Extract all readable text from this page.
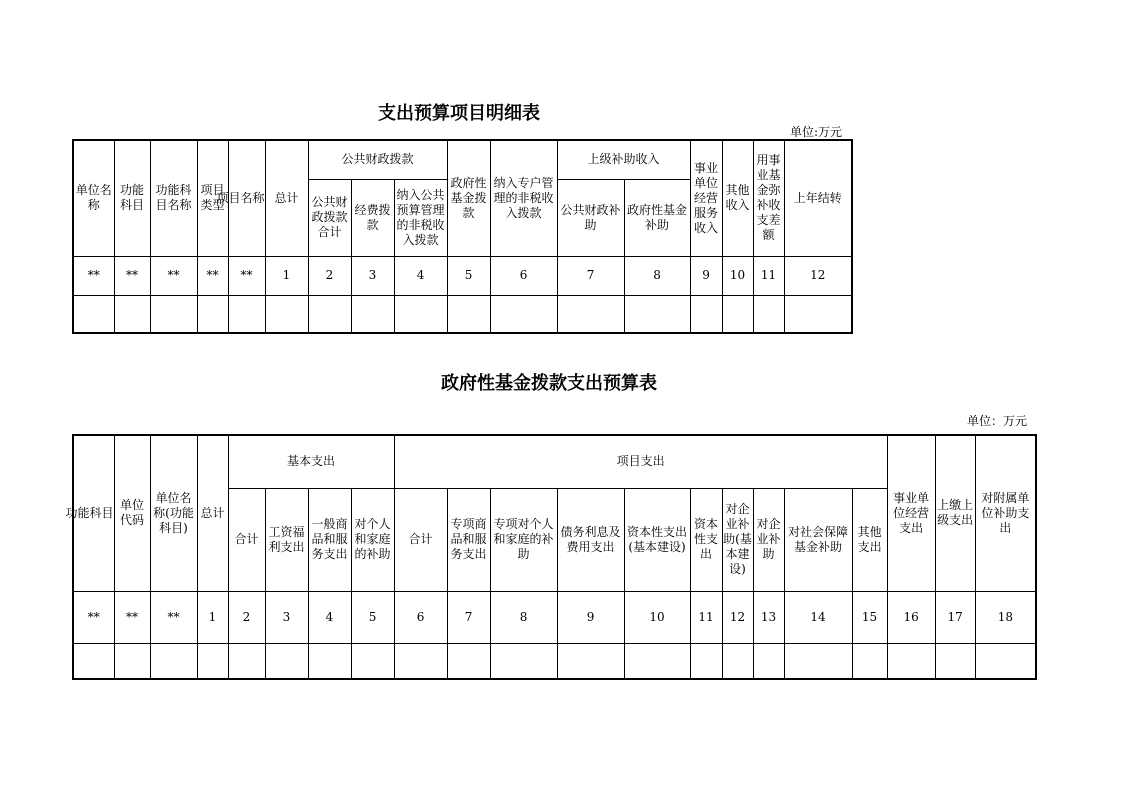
支出预算项目明细表
单位:万元
单位名称	功能科目	功能科目名称	项目类型	项目名称	总计	公共财政拨款			政府性基金拨款	纳入专户管理的非税收入拨款	上级补助收入		事业单位经营服务收入	其他收入	用事业基金弥补收支差额	上年结转
						公共财政拨款合计	经费拨款	纳入公共预算管理的非税收入拨款			公共财政补助	政府性基金补助				
**	**	**	**	**	1	2	3	4	5	6	7	8	9	10	11	12

政府性基金拨款支出预算表
单位：万元
功能科目	单位代码	单位名称(功能科目)	总计	基本支出				项目支出										事业单位经营支出	上缴上级支出	对附属单位补助支出
				合计	工资福利支出	一般商品和服务支出	对个人和家庭的补助	合计	专项商品和服务支出	专项对个人和家庭的补助	债务利息及费用支出	资本性支出(基本建设)	资本性支出	对企业补助(基本建设)	对企业补助	对社会保障基金补助	其他支出			
**	**	**	1	2	3	4	5	6	7	8	9	10	11	12	13	14	15	16	17	18
